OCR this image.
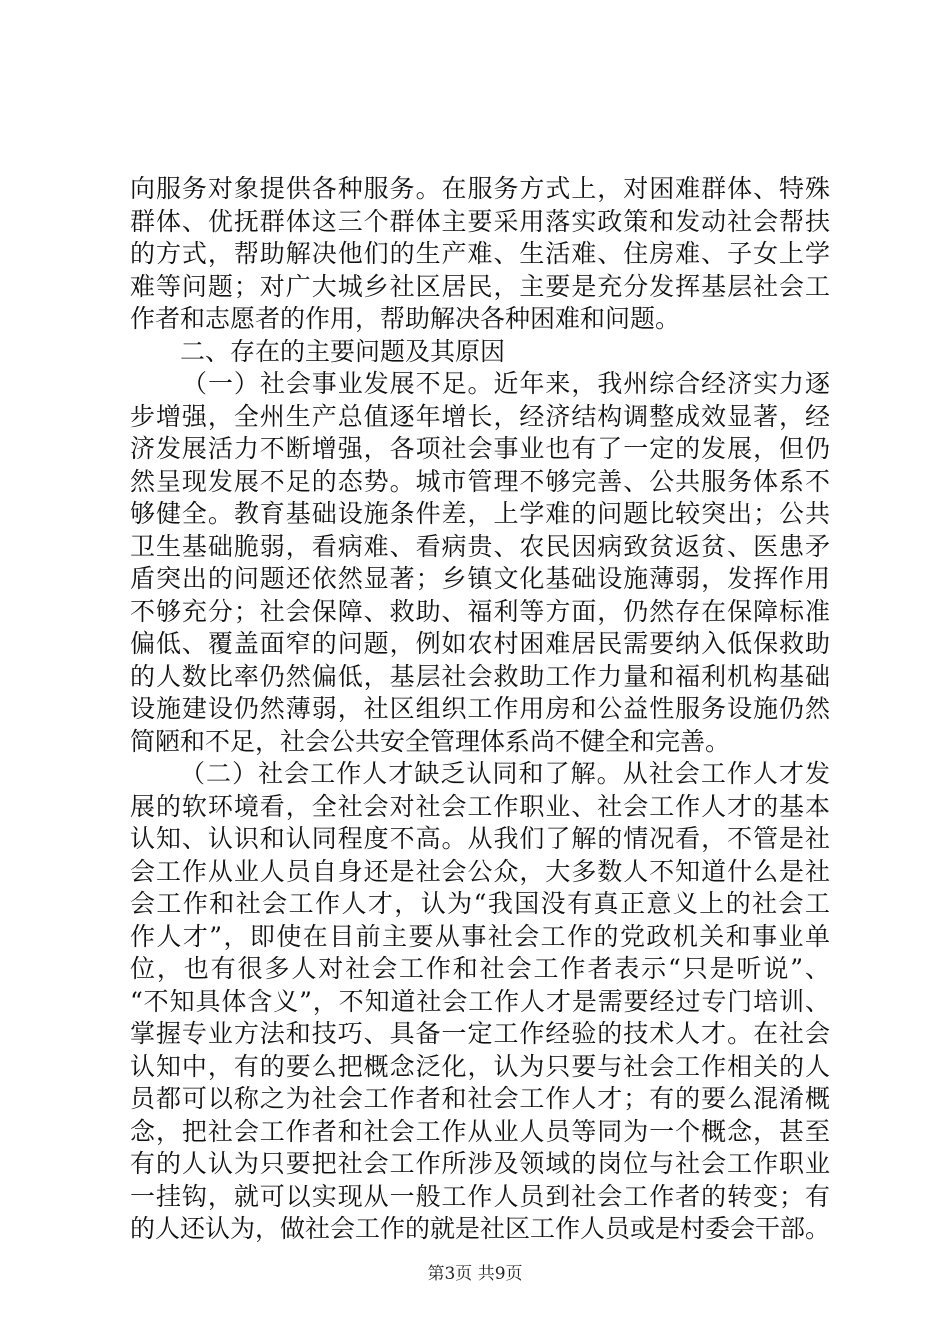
向服务对象提供各种服务。在服务方式上，对困难群体、特殊
群体、优抚群体这三个群体主要采用落实政策和发动社会帮扶
的方式，帮助解决他们的生产难、生活难、住房难、子女上学
难等问题；对广大城乡社区居民，主要是充分发挥基层社会工
作者和志愿者的作用，帮助解决各种困难和问题。
二、存在的主要问题及其原因
（一）社会事业发展不足。近年来，我州综合经济实力逐
步增强，全州生产总值逐年增长，经济结构调整成效显著，经
济发展活力不断增强，各项社会事业也有了一定的发展，但仍
然呈现发展不足的态势。城市管理不够完善、公共服务体系不
够健全。教育基础设施条件差，上学难的问题比较突出；公共
卫生基础脆弱，看病难、看病贵、农民因病致贫返贫、医患矛
盾突出的问题还依然显著；乡镇文化基础设施薄弱，发挥作用
不够充分；社会保障、救助、福利等方面，仍然存在保障标准
偏低、覆盖面窄的问题，例如农村困难居民需要纳入低保救助
的人数比率仍然偏低，基层社会救助工作力量和福利机构基础
设施建设仍然薄弱，社区组织工作用房和公益性服务设施仍然
简陋和不足，社会公共安全管理体系尚不健全和完善。
（二）社会工作人才缺乏认同和了解。从社会工作人才发
展的软环境看，全社会对社会工作职业、社会工作人才的基本
认知、认识和认同程度不高。从我们了解的情况看，不管是社
会工作从业人员自身还是社会公众，大多数人不知道什么是社
会工作和社会工作人才，认为“我国没有真正意义上的社会工
作人才”，即使在目前主要从事社会工作的党政机关和事业单
位，也有很多人对社会工作和社会工作者表示“只是听说”、
“不知具体含义”，不知道社会工作人才是需要经过专门培训、
掌握专业方法和技巧、具备一定工作经验的技术人才。在社会
认知中，有的要么把概念泛化，认为只要与社会工作相关的人
员都可以称之为社会工作者和社会工作人才；有的要么混淆概
念，把社会工作者和社会工作从业人员等同为一个概念，甚至
有的人认为只要把社会工作所涉及领域的岗位与社会工作职业
一挂钩，就可以实现从一般工作人员到社会工作者的转变；有
的人还认为，做社会工作的就是社区工作人员或是村委会干部。
第3页 共9页
